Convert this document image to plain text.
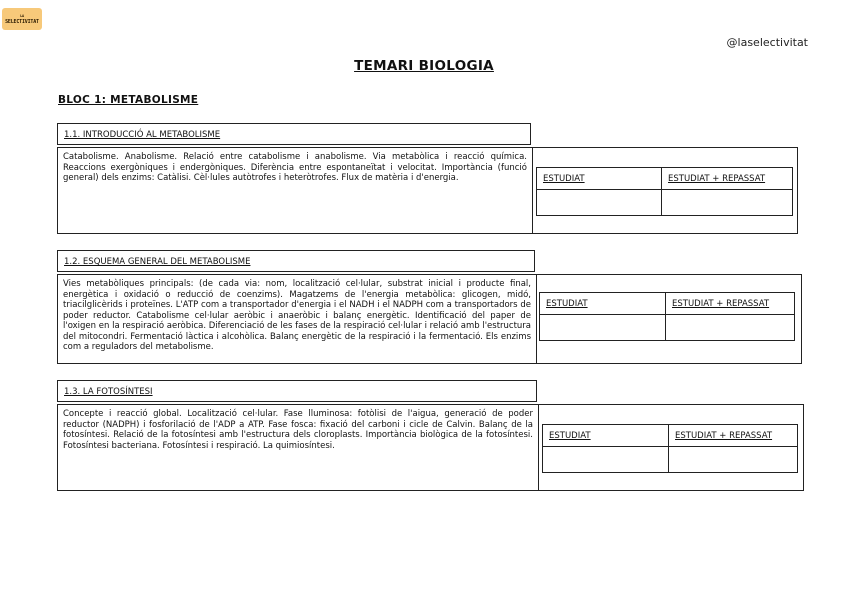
LA
SELECTIVITAT
@laselectivitat
TEMARI BIOLOGIA
BLOC 1: METABOLISME
1.1. INTRODUCCIÓ AL METABOLISME
Catabolisme. Anabolisme. Relació entre catabolisme i anabolisme. Via metabòlica i reacció química. Reaccions exergòniques i endergòniques. Diferència entre espontaneïtat i velocitat. Importància (funció general) dels enzims: Catàlisi. Cèl·lules autòtrofes i heteròtrofes. Flux de matèria i d'energia.	ESTUDIAT	ESTUDIAT + REPASSAT

1.2. ESQUEMA GENERAL DEL METABOLISME
Vies metabòliques principals: (de cada via: nom, localització cel·lular, substrat inicial i producte final, energètica i oxidació o reducció de coenzims). Magatzems de l'energia metabòlica: glicogen, midó, triacilglicèrids i proteïnes. L'ATP com a transportador d'energia i el NADH i el NADPH com a transportadors de poder reductor. Catabolisme cel·lular aeròbic i anaeròbic i balanç energètic. Identificació del paper de l'oxigen en la respiració aeròbica. Diferenciació de les fases de la respiració cel·lular i relació amb l'estructura del mitocondri. Fermentació làctica i alcohòlica. Balanç energètic de la respiració i la fermentació. Els enzims com a reguladors del metabolisme.
ESTUDIAT	ESTUDIAT + REPASSAT

1.3. LA FOTOSÍNTESI
Concepte i reacció global. Localització cel·lular. Fase lluminosa: fotòlisi de l'aigua, generació de poder reductor (NADPH) i fosforilació de l'ADP a ATP. Fase fosca: fixació del carboni i cicle de Calvin. Balanç de la fotosíntesi. Relació de la fotosíntesi amb l'estructura dels cloroplasts. Importància biològica de la fotosíntesi. Fotosíntesi bacteriana. Fotosíntesi i respiració. La quimiosíntesi.
ESTUDIAT	ESTUDIAT + REPASSAT
